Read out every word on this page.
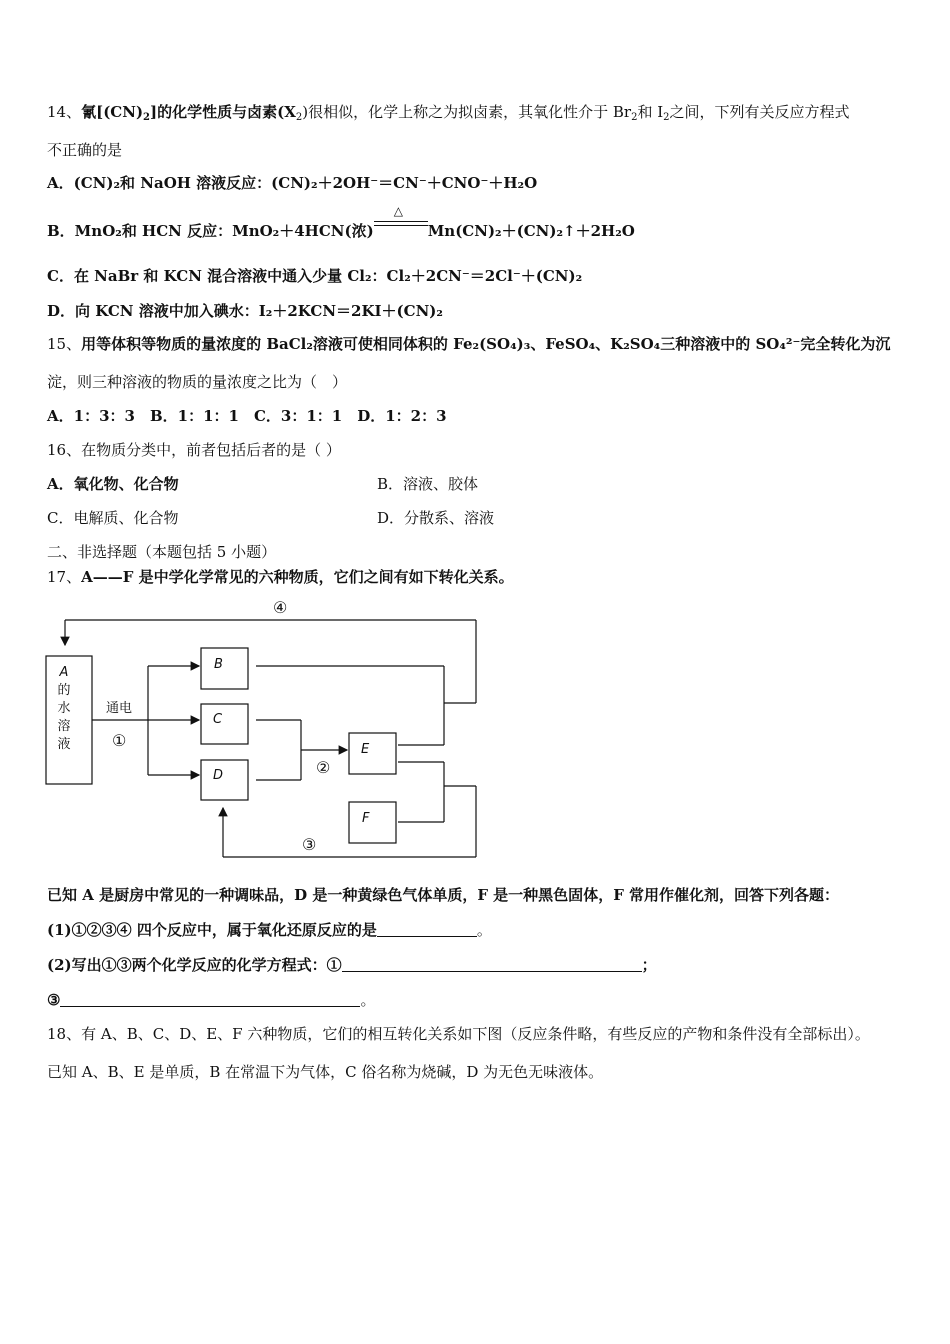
14、氰$[(CN)_2]$的化学性质与卤素$(X_2)$很相似，化学上称之为拟卤素，其氧化性介于 $Br_2$和 $I_2$之间，下列有关反应方程式
不正确的是
A．(CN)₂和 NaOH 溶液反应：(CN)₂＋2OH⁻＝CN⁻＋CNO⁻＋H₂O
B．MnO₂和 HCN 反应：MnO₂＋4HCN(浓)
△
Mn(CN)₂＋(CN)₂↑＋2H₂O
C．在 NaBr 和 KCN 混合溶液中通入少量 Cl₂：Cl₂＋2CN⁻＝2Cl⁻＋(CN)₂
D．向 KCN 溶液中加入碘水：I₂＋2KCN＝2KI＋(CN)₂
15、用等体积等物质的量浓度的 BaCl₂溶液可使相同体积的 Fe₂(SO₄)₃、FeSO₄、K₂SO₄三种溶液中的 SO₄²⁻完全转化为沉
淀，则三种溶液的物质的量浓度之比为（　）
A．1：3：3　B．1：1：1　C．3：1：1　D．1：2：3
16、在物质分类中，前者包括后者的是（ ）
A．氧化物、化合物	B．溶液、胶体
C．电解质、化合物	D．分散系、溶液
二、非选择题（本题包括 5 小题）
17、A——F 是中学化学常见的六种物质，它们之间有如下转化关系。
A
的
水
溶
液
B
C
D
E
F
通电
①
②
③
④
已知 A 是厨房中常见的一种调味品，D 是一种黄绿色气体单质，F 是一种黑色固体，F 常用作催化剂，回答下列各题：
(1)①②③④ 四个反应中，属于氧化还原反应的是	。
(2)写出①③两个化学反应的化学方程式：①	；
③	。
18、有 A、B、C、D、E、F 六种物质，它们的相互转化关系如下图（反应条件略，有些反应的产物和条件没有全部标出）。
已知 A、B、E 是单质，B 在常温下为气体，C 俗名称为烧碱，D 为无色无味液体。
